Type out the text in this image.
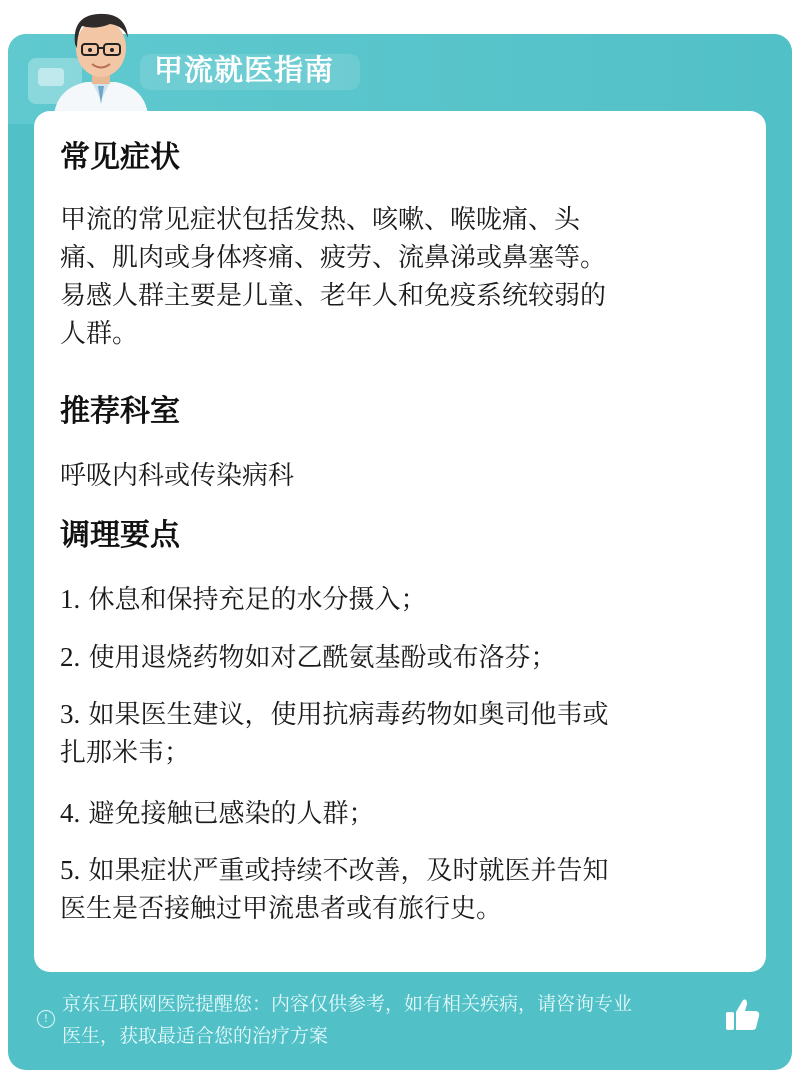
甲流就医指南
常见症状
甲流的常见症状包括发热、咳嗽、喉咙痛、头
痛、肌肉或身体疼痛、疲劳、流鼻涕或鼻塞等。
易感人群主要是儿童、老年人和免疫系统较弱的
人群。
推荐科室
呼吸内科或传染病科
调理要点
1. 休息和保持充足的水分摄入；
2. 使用退烧药物如对乙酰氨基酚或布洛芬；
3. 如果医生建议，使用抗病毒药物如奥司他韦或
扎那米韦；
4. 避免接触已感染的人群；
5. 如果症状严重或持续不改善，及时就医并告知
医生是否接触过甲流患者或有旅行史。
!
京东互联网医院提醒您：内容仅供参考，如有相关疾病，请咨询专业
医生，获取最适合您的治疗方案
